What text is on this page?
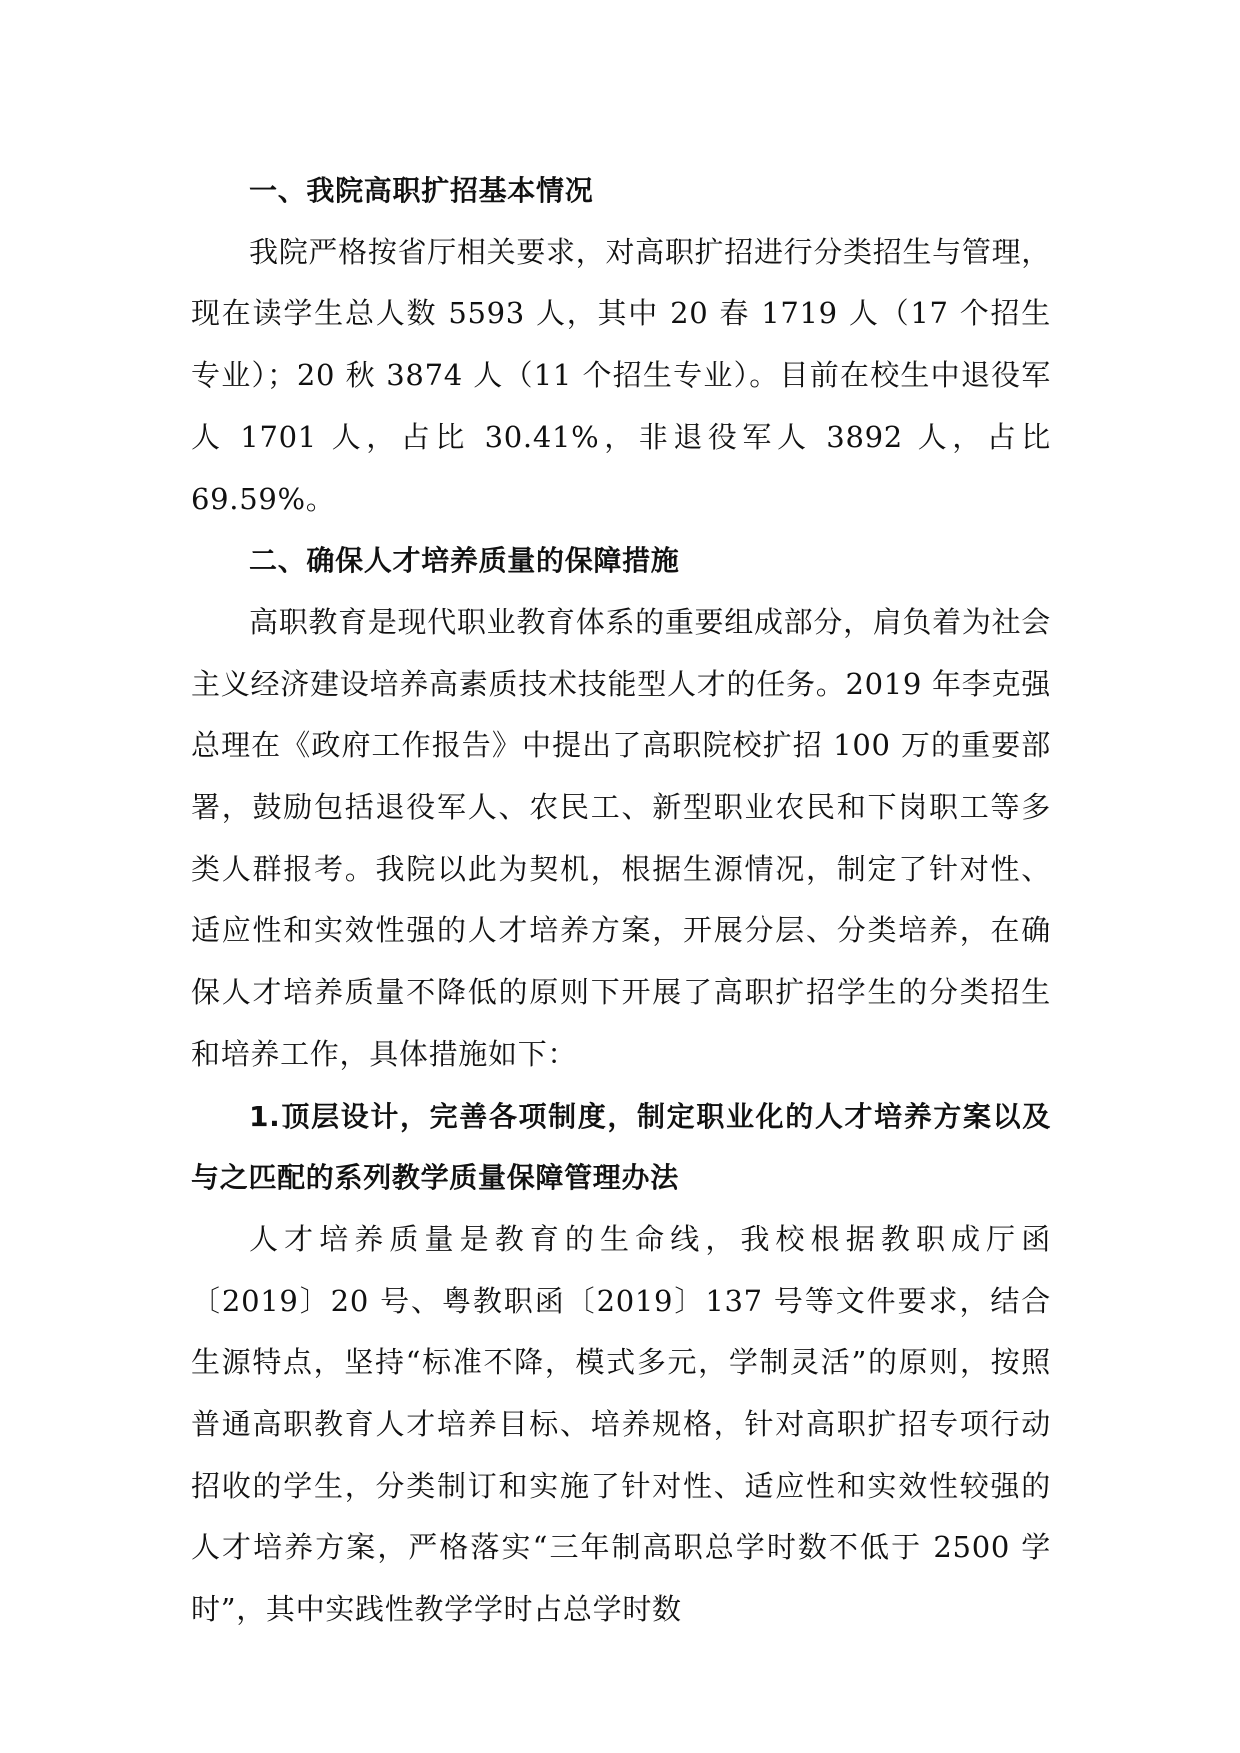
一、我院高职扩招基本情况

我院严格按省厅相关要求，对高职扩招进行分类招生与管理，现在读学生总人数 5593 人，其中 20 春 1719 人（17 个招生专业）；20 秋 3874 人（11 个招生专业）。目前在校生中退役军人 1701 人，占比 30.41%，非退役军人 3892 人，占比 69.59%。

二、确保人才培养质量的保障措施

高职教育是现代职业教育体系的重要组成部分，肩负着为社会主义经济建设培养高素质技术技能型人才的任务。2019 年李克强总理在《政府工作报告》中提出了高职院校扩招 100 万的重要部署，鼓励包括退役军人、农民工、新型职业农民和下岗职工等多类人群报考。我院以此为契机，根据生源情况，制定了针对性、适应性和实效性强的人才培养方案，开展分层、分类培养，在确保人才培养质量不降低的原则下开展了高职扩招学生的分类招生和培养工作，具体措施如下：

1.顶层设计，完善各项制度，制定职业化的人才培养方案以及与之匹配的系列教学质量保障管理办法

人才培养质量是教育的生命线，我校根据教职成厅函〔2019〕20 号、粤教职函〔2019〕137 号等文件要求，结合生源特点，坚持“标准不降，模式多元，学制灵活”的原则，按照普通高职教育人才培养目标、培养规格，针对高职扩招专项行动招收的学生，分类制订和实施了针对性、适应性和实效性较强的人才培养方案，严格落实“三年制高职总学时数不低于 2500 学时”，其中实践性教学学时占总学时数
